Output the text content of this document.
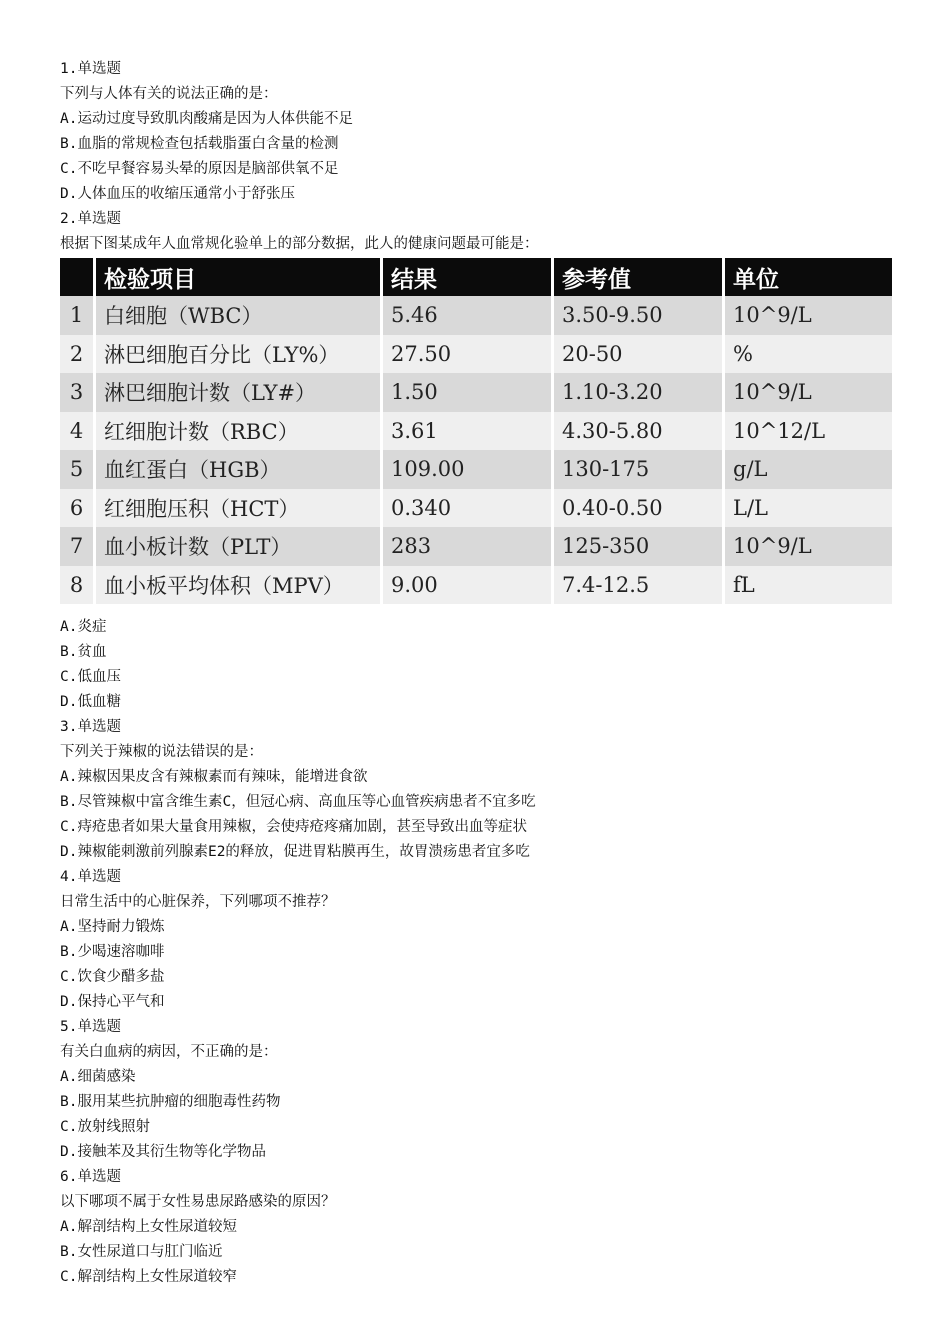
1.单选题
下列与人体有关的说法正确的是：
A.运动过度导致肌肉酸痛是因为人体供能不足
B.血脂的常规检查包括载脂蛋白含量的检测
C.不吃早餐容易头晕的原因是脑部供氧不足
D.人体血压的收缩压通常小于舒张压
2.单选题
根据下图某成年人血常规化验单上的部分数据，此人的健康问题最可能是：
	检验项目	结果	参考值	单位
1	白细胞（WBC）	5.46	3.50-9.50	10^9/L
2	淋巴细胞百分比（LY%）	27.50	20-50	%
3	淋巴细胞计数（LY#）	1.50	1.10-3.20	10^9/L
4	红细胞计数（RBC）	3.61	4.30-5.80	10^12/L
5	血红蛋白（HGB）	109.00	130-175	g/L
6	红细胞压积（HCT）	0.340	0.40-0.50	L/L
7	血小板计数（PLT）	283	125-350	10^9/L
8	血小板平均体积（MPV）	9.00	7.4-12.5	fL
A.炎症
B.贫血
C.低血压
D.低血糖
3.单选题
下列关于辣椒的说法错误的是：
A.辣椒因果皮含有辣椒素而有辣味，能增进食欲
B.尽管辣椒中富含维生素C，但冠心病、高血压等心血管疾病患者不宜多吃
C.痔疮患者如果大量食用辣椒，会使痔疮疼痛加剧，甚至导致出血等症状
D.辣椒能刺激前列腺素E2的释放，促进胃粘膜再生，故胃溃疡患者宜多吃
4.单选题
日常生活中的心脏保养，下列哪项不推荐？
A.坚持耐力锻炼
B.少喝速溶咖啡
C.饮食少醋多盐
D.保持心平气和
5.单选题
有关白血病的病因，不正确的是：
A.细菌感染
B.服用某些抗肿瘤的细胞毒性药物
C.放射线照射
D.接触苯及其衍生物等化学物品
6.单选题
以下哪项不属于女性易患尿路感染的原因？
A.解剖结构上女性尿道较短
B.女性尿道口与肛门临近
C.解剖结构上女性尿道较窄
